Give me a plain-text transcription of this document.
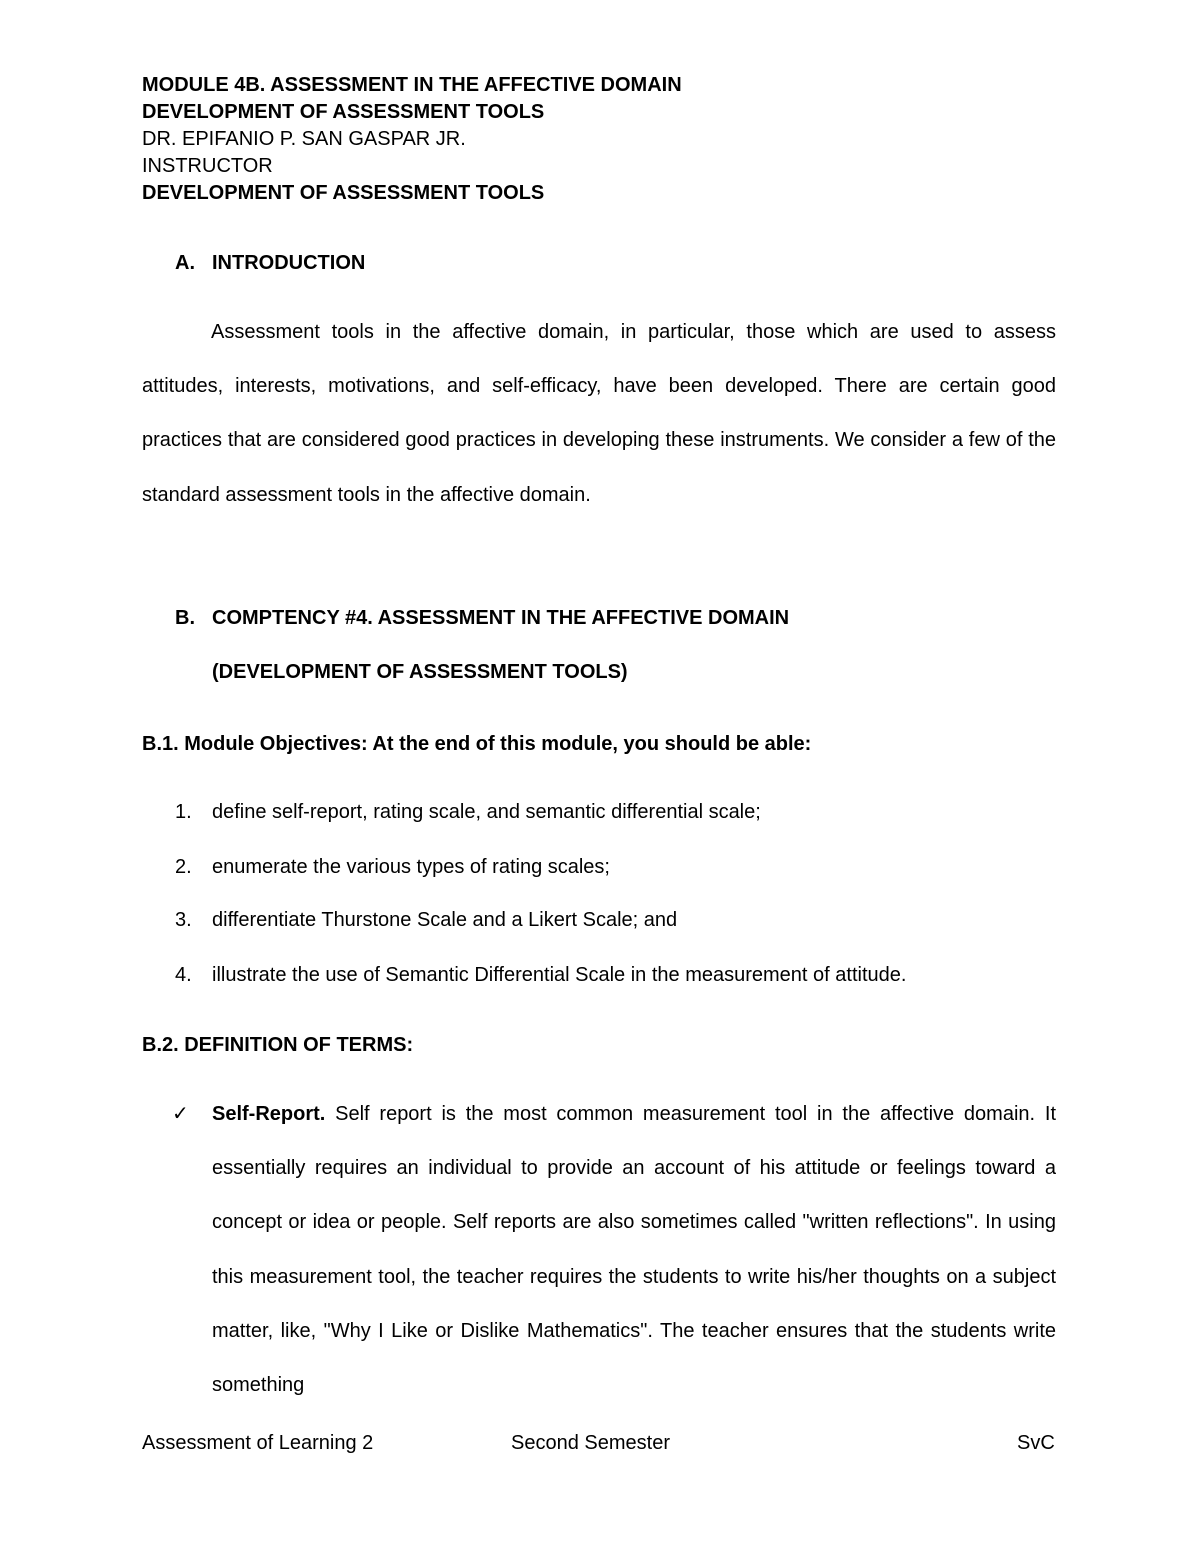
MODULE 4B. ASSESSMENT IN THE AFFECTIVE DOMAIN
DEVELOPMENT OF ASSESSMENT TOOLS
DR. EPIFANIO P. SAN GASPAR JR.
INSTRUCTOR
DEVELOPMENT OF ASSESSMENT TOOLS
A. INTRODUCTION

Assessment tools in the affective domain, in particular, those which are used to assess attitudes, interests, motivations, and self-efficacy, have been developed. There are certain good practices that are considered good practices in developing these instruments. We consider a few of the standard assessment tools in the affective domain.

B. COMPTENCY #4. ASSESSMENT IN THE AFFECTIVE DOMAIN
(DEVELOPMENT OF ASSESSMENT TOOLS)
B.1. Module Objectives: At the end of this module, you should be able:
1. define self-report, rating scale, and semantic differential scale;
2. enumerate the various types of rating scales;
3. differentiate Thurstone Scale and a Likert Scale; and
4. illustrate the use of Semantic Differential Scale in the measurement of attitude.
B.2. DEFINITION OF TERMS:
✓ Self-Report. Self report is the most common measurement tool in the affective domain. It essentially requires an individual to provide an account of his attitude or feelings toward a concept or idea or people. Self reports are also sometimes called "written reflections". In using this measurement tool, the teacher requires the students to write his/her thoughts on a subject matter, like, "Why I Like or Dislike Mathematics". The teacher ensures that the students write something

Assessment of Learning 2	Second Semester	SvC
